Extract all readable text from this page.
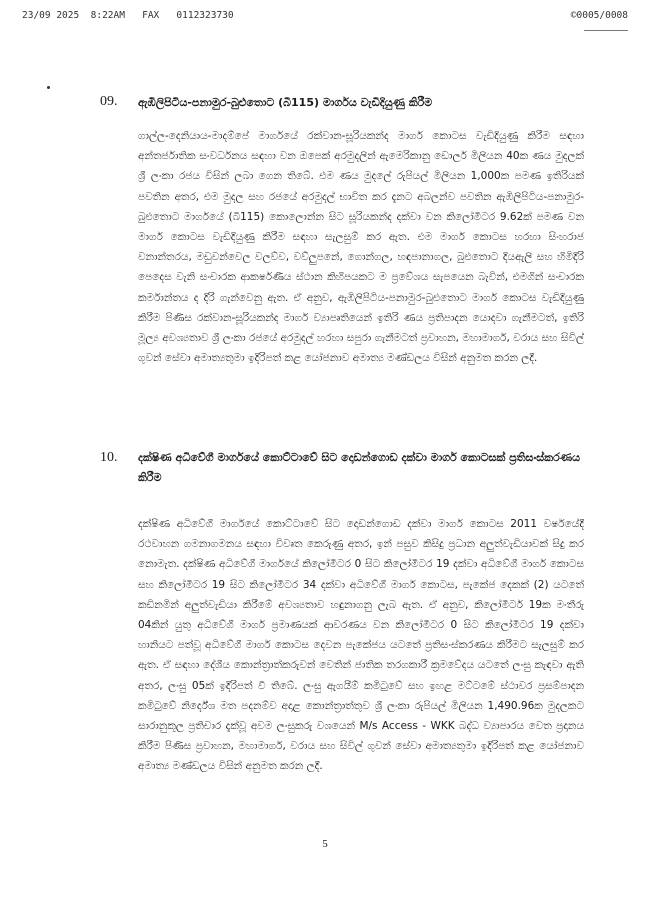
23/09 2025  8:22AM   FAX   0112323730	©0005/0008
09. ඇඹිලිපිටිය-පනාමුර-බුළුතොට (බී115) මාර්ගය වැඩිදියුණු කිරීම
ගාල්ල-දෙනියාය-මාදම්පේ මාර්ගයේ රක්වාන-සූරියකන්ද මාර්ග කොටස වැඩිදියුණු කිරීම සඳහා අන්තර්ජාතික සංවර්ධනය සඳහා වන ඔපෙක් අරමුදලින් ඇමෙරිකානු ඩොලර් මිලියන 40ක ණය මුදලක් ශ්‍රී ලංකා රජය විසින් ලබා ගෙන තිබේ. එම ණය මුදලේ රුපියල් මිලියන 1,000ක පමණ ඉතිරියක් පවතින අතර, එම මුදල සහ රජයේ අරමුදල් භාවිත කර දැනට අබලන්ව පවතින ඇඹිලිපිටිය-පනාමුර-බුළුතොට මාර්ගයේ (බී115) කොලොන්න සිට සූරියකන්ද දක්වා වන කිලෝමීටර 9.62ක් පමණ වන මාර්ග කොටස වැඩිදියුණු කිරීම සඳහා සැලසුම් කර ඇත. එම මාර්ග කොටස හරහා සිංහරාජ වනාන්තරය, මඩුවන්වෙල වලව්ව, වව්ලුපනේ, ගොන්ගල, හඳපානාගල, බුළුතොට දියඇලි සහ හිමිදිරි පෙදෙස වැනි සංචාරක ආකර්ෂණීය ස්ථාන කිහිපයකට ම ප්‍රවේශය සැපයෙන බැවින්, එමගින් සංචාරක කර්මාන්තය ද දිරි ගැන්වෙනු ඇත. ඒ අනුව, ඇඹිලිපිටිය-පනාමුර-බුළුතොට මාර්ග කොටස වැඩිදියුණු කිරීම පිණිස රක්වාන-සූරියකන්ද මාර්ග ව්‍යාපෘතියෙන් ඉතිරි ණය ප්‍රතිපාදන යොදවා ගැනීමටත්, ඉතිරි මූල්‍ය අවශ්‍යතාව ශ්‍රී ලංකා රජයේ අරමුදල් හරහා සපුරා ගැනීමටත් ප්‍රවාහන, මහාමාර්ග, වරාය සහ සිවිල් ගුවන් සේවා අමාත්‍යතුමා ඉදිරිපත් කළ යෝජනාව අමාත්‍ය මණ්ඩලය විසින් අනුමත කරන ලදී.
10. දක්ෂිණ අධිවේගී මාර්ගයේ කොට්ටාවේ සිට දොඩන්ගොඩ දක්වා මාර්ග කොටසක් ප්‍රතිසංස්කරණය කිරීම
දක්ෂිණ අධිවේගී මාර්ගයේ කොට්ටාවේ සිට දොඩන්ගොඩ දක්වා මාර්ග කොටස 2011 වර්ෂයේදී රථවාහන ගමනාගමනය සඳහා විවෘත කෙරුණු අතර, ඉන් පසුව කිසිදු ප්‍රධාන අලුත්වැඩියාවක් සිදු කර නොමැත. දක්ෂිණ අධිවේගී මාර්ගයේ කිලෝමීටර 0 සිට කිලෝමීටර 19 දක්වා අධිවේගී මාර්ග කොටස සහ කිලෝමීටර 19 සිට කිලෝමීටර 34 දක්වා අධිවේගී මාර්ග කොටස, පැකේජ දෙකක් (2) යටතේ කඩිනමින් අලුත්වැඩියා කිරීමේ අවශ්‍යතාව හඳුනාගනු ලැබ ඇත. ඒ අනුව, කිලෝමීටර් 19ක මංතීරු 04කින් යුතු අධිවේගී මාර්ග ප්‍රමාණයක් ආවරණය වන කිලෝමීටර 0 සිට කිලෝමීටර 19 දක්වා හානියට පත්වූ අධිවේගී මාර්ග කොටස දෙවන පැකේජය යටතේ ප්‍රතිසංස්කරණය කිරීමට සැලසුම් කර ඇත. ඒ සඳහා දේශීය කොන්ත්‍රාත්කරුවන් වෙතින් ජාතික තරගකාරී ක්‍රමවේදය යටතේ ලංසු කැඳවා ඇති අතර, ලංසු 05ක් ඉදිරිපත් වී තිබේ. ලංසු ඇගයීම් කමිටුවේ සහ ඉහළ මට්ටමේ ස්ථාවර ප්‍රසම්පාදන කමිටුවේ නිර්දේශ මත පදනම්ව අදාළ කොන්ත්‍රාත්තුව ශ්‍රී ලංකා රුපියල් මිලියන 1,490.96ක මුදලකට සාරානුකූල ප්‍රතිචාර දැක්වූ අවම ලංසුකරු වශයෙන් M/s Access - WKK බද්ධ ව්‍යාපාරය වෙත ප්‍රදානය කිරීම පිණිස ප්‍රවාහන, මහාමාර්ග, වරාය සහ සිවිල් ගුවන් සේවා අමාත්‍යතුමා ඉදිරිපත් කළ යෝජනාව අමාත්‍ය මණ්ඩලය විසින් අනුමත කරන ලදී.
5
